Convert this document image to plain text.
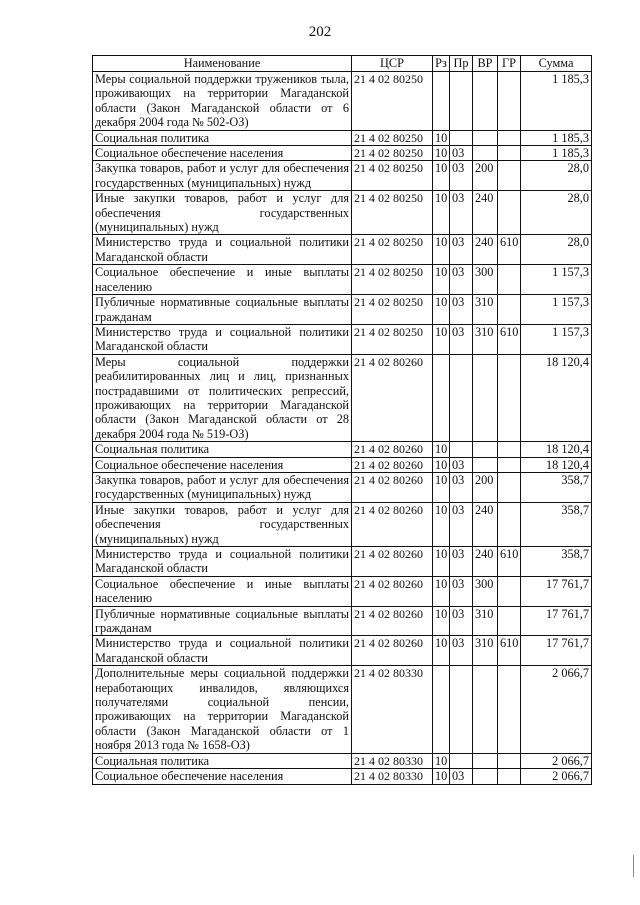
202
Наименование	ЦСР	Рз	Пр	ВР	ГР	Сумма
Меры социальной поддержки тружеников тыла, проживающих на территории Магаданской области (Закон Магаданской области от 6 декабря 2004 года № 502-ОЗ)	21 4 02 80250					1 185,3
Социальная политика	21 4 02 80250	10				1 185,3
Социальное обеспечение населения	21 4 02 80250	10	03			1 185,3
Закупка товаров, работ и услуг для обеспечения государственных (муниципальных) нужд	21 4 02 80250	10	03	200		28,0
Иные закупки товаров, работ и услуг для обеспечения государственных (муниципальных) нужд	21 4 02 80250	10	03	240		28,0
Министерство труда и социальной политики Магаданской области	21 4 02 80250	10	03	240	610	28,0
Социальное обеспечение и иные выплаты населению	21 4 02 80250	10	03	300		1 157,3
Публичные нормативные социальные выплаты гражданам	21 4 02 80250	10	03	310		1 157,3
Министерство труда и социальной политики Магаданской области	21 4 02 80250	10	03	310	610	1 157,3
Меры социальной поддержки реабилитированных лиц и лиц, признанных пострадавшими от политических репрессий, проживающих на территории Магаданской области (Закон Магаданской области от 28 декабря 2004 года № 519-ОЗ)	21 4 02 80260					18 120,4
Социальная политика	21 4 02 80260	10				18 120,4
Социальное обеспечение населения	21 4 02 80260	10	03			18 120,4
Закупка товаров, работ и услуг для обеспечения государственных (муниципальных) нужд	21 4 02 80260	10	03	200		358,7
Иные закупки товаров, работ и услуг для обеспечения государственных (муниципальных) нужд	21 4 02 80260	10	03	240		358,7
Министерство труда и социальной политики Магаданской области	21 4 02 80260	10	03	240	610	358,7
Социальное обеспечение и иные выплаты населению	21 4 02 80260	10	03	300		17 761,7
Публичные нормативные социальные выплаты гражданам	21 4 02 80260	10	03	310		17 761,7
Министерство труда и социальной политики Магаданской области	21 4 02 80260	10	03	310	610	17 761,7
Дополнительные меры социальной поддержки неработающих инвалидов, являющихся получателями социальной пенсии, проживающих на территории Магаданской области (Закон Магаданской области от 1 ноября 2013 года № 1658-ОЗ)	21 4 02 80330					2 066,7
Социальная политика	21 4 02 80330	10				2 066,7
Социальное обеспечение населения	21 4 02 80330	10	03			2 066,7
